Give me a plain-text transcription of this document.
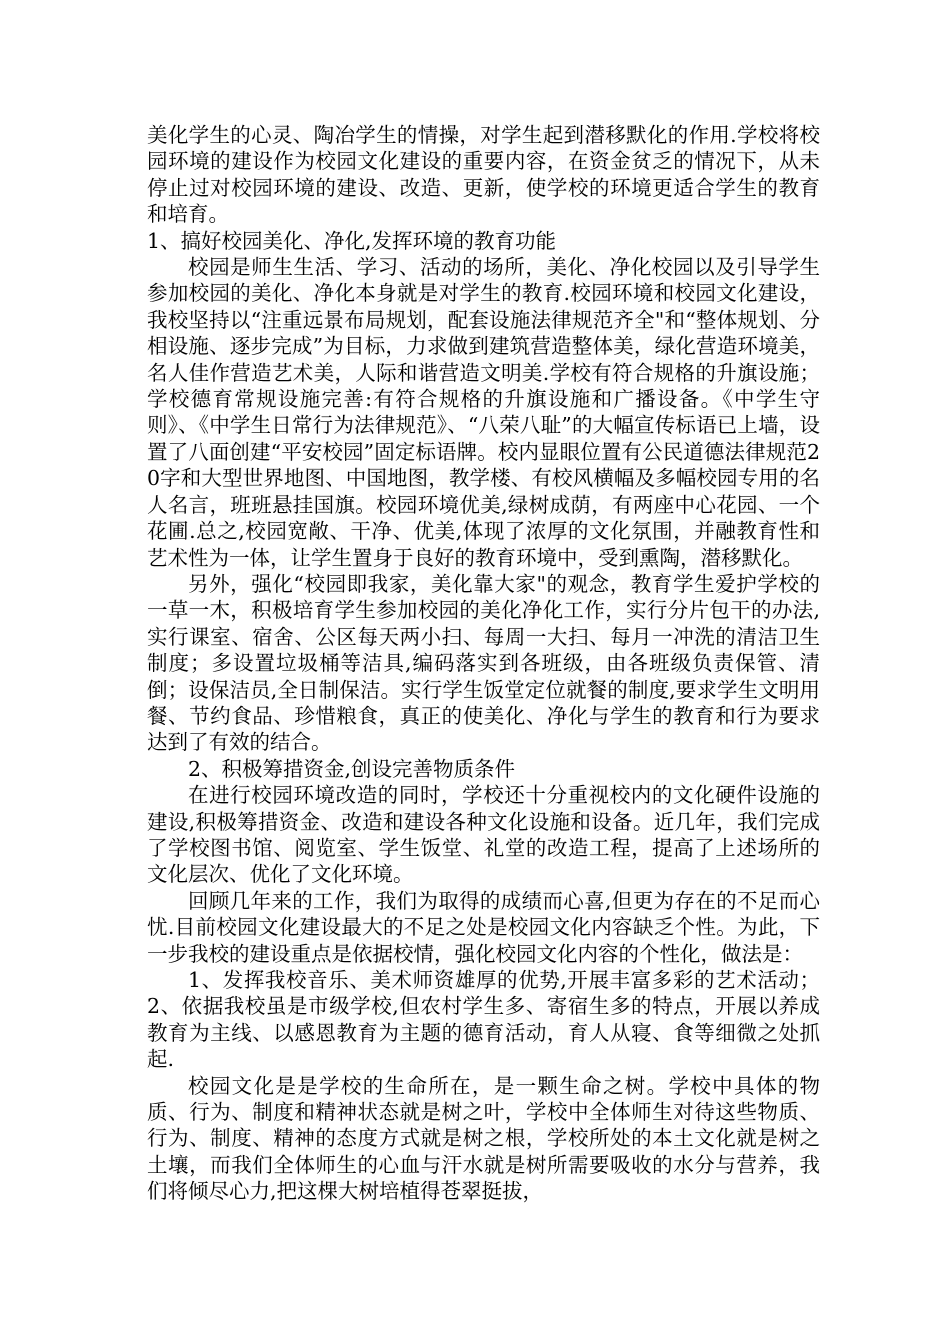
美化学生的心灵、陶冶学生的情操，对学生起到潜移默化的作用.学校将校园环境的建设作为校园文化建设的重要内容，在资金贫乏的情况下，从未停止过对校园环境的建设、改造、更新，使学校的环境更适合学生的教育和培育。

1、搞好校园美化、净化,发挥环境的教育功能

校园是师生生活、学习、活动的场所，美化、净化校园以及引导学生参加校园的美化、净化本身就是对学生的教育.校园环境和校园文化建设，我校坚持以“注重远景布局规划，配套设施法律规范齐全"和“整体规划、分相设施、逐步完成”为目标，力求做到建筑营造整体美，绿化营造环境美，名人佳作营造艺术美，人际和谐营造文明美.学校有符合规格的升旗设施；学校德育常规设施完善:有符合规格的升旗设施和广播设备。《中学生守则》、《中学生日常行为法律规范》、“八荣八耻”的大幅宣传标语已上墙，设置了八面创建“平安校园”固定标语牌。校内显眼位置有公民道德法律规范20字和大型世界地图、中国地图，教学楼、有校风横幅及多幅校园专用的名人名言，班班悬挂国旗。校园环境优美,绿树成荫，有两座中心花园、一个花圃.总之,校园宽敞、干净、优美,体现了浓厚的文化氛围，并融教育性和艺术性为一体，让学生置身于良好的教育环境中，受到熏陶，潜移默化。

另外，强化“校园即我家，美化靠大家"的观念，教育学生爱护学校的一草一木，积极培育学生参加校园的美化净化工作，实行分片包干的办法,实行课室、宿舍、公区每天两小扫、每周一大扫、每月一冲洗的清洁卫生制度；多设置垃圾桶等洁具,编码落实到各班级，由各班级负责保管、清倒；设保洁员,全日制保洁。实行学生饭堂定位就餐的制度,要求学生文明用餐、节约食品、珍惜粮食，真正的使美化、净化与学生的教育和行为要求达到了有效的结合。

2、积极筹措资金,创设完善物质条件

在进行校园环境改造的同时，学校还十分重视校内的文化硬件设施的建设,积极筹措资金、改造和建设各种文化设施和设备。近几年，我们完成了学校图书馆、阅览室、学生饭堂、礼堂的改造工程，提高了上述场所的文化层次、优化了文化环境。

回顾几年来的工作，我们为取得的成绩而心喜,但更为存在的不足而心忧.目前校园文化建设最大的不足之处是校园文化内容缺乏个性。为此，下一步我校的建设重点是依据校情，强化校园文化内容的个性化，做法是：

1、发挥我校音乐、美术师资雄厚的优势,开展丰富多彩的艺术活动； 2、依据我校虽是市级学校,但农村学生多、寄宿生多的特点，开展以养成教育为主线、以感恩教育为主题的德育活动，育人从寝、食等细微之处抓起.

校园文化是是学校的生命所在，是一颗生命之树。学校中具体的物质、行为、制度和精神状态就是树之叶，学校中全体师生对待这些物质、行为、制度、精神的态度方式就是树之根，学校所处的本土文化就是树之土壤，而我们全体师生的心血与汗水就是树所需要吸收的水分与营养，我们将倾尽心力,把这棵大树培植得苍翠挺拔，
